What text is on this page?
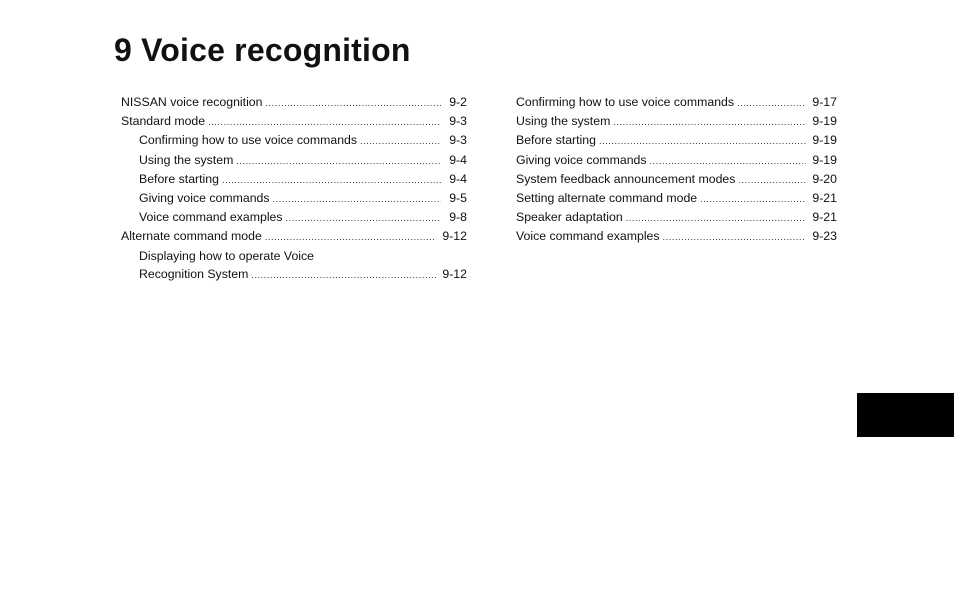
9 Voice recognition
NISSAN voice recognition .....	9-2
Standard mode .....	9-3
Confirming how to use voice commands .....	9-3
Using the system .....	9-4
Before starting .....	9-4
Giving voice commands .....	9-5
Voice command examples .....	9-8
Alternate command mode .....	9-12
Displaying how to operate Voice
Recognition System .....	9-12
Confirming how to use voice commands .....	9-17
Using the system .....	9-19
Before starting .....	9-19
Giving voice commands .....	9-19
System feedback announcement modes .....	9-20
Setting alternate command mode .....	9-21
Speaker adaptation .....	9-21
Voice command examples .....	9-23
